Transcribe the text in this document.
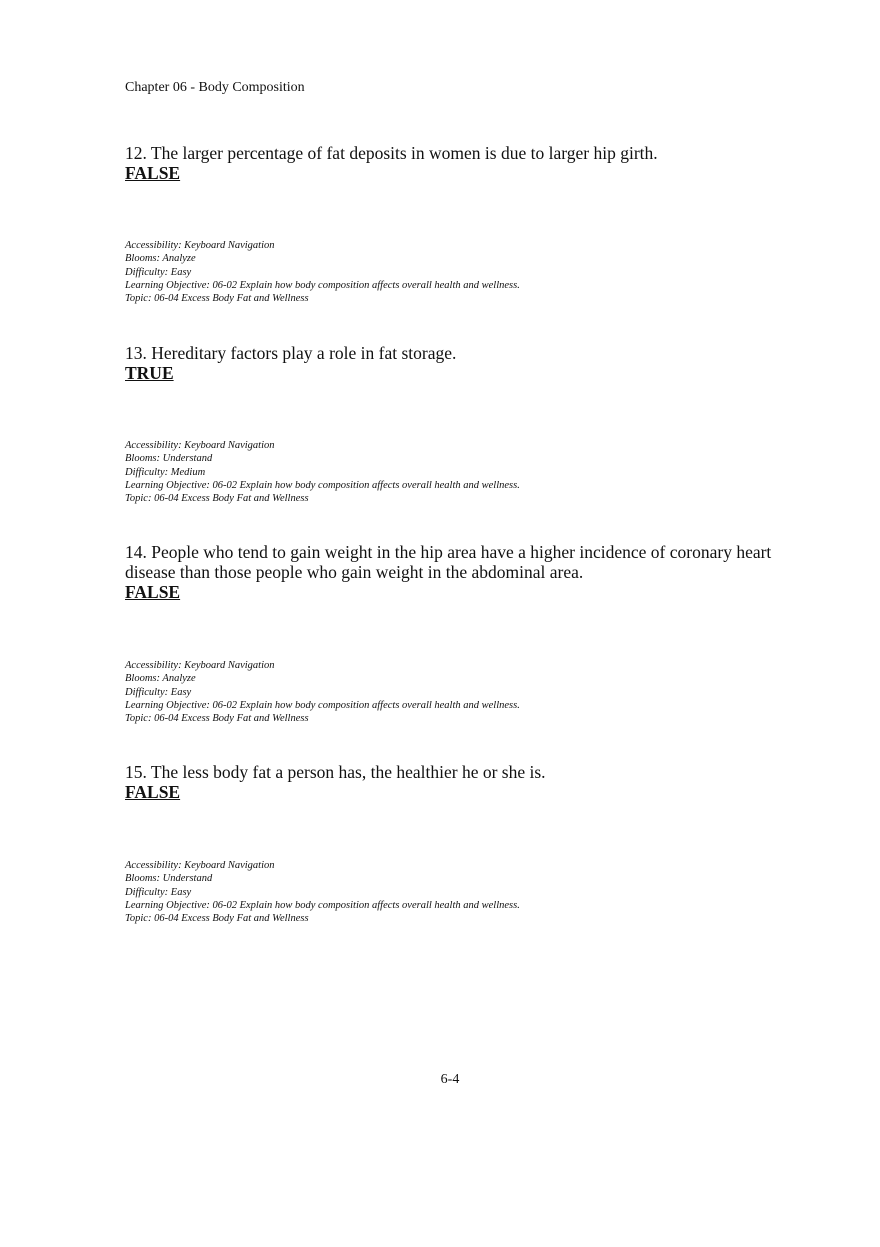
Chapter 06 - Body Composition

12. The larger percentage of fat deposits in women is due to larger hip girth.

FALSE

Accessibility: Keyboard Navigation
Blooms: Analyze
Difficulty: Easy
Learning Objective: 06-02 Explain how body composition affects overall health and wellness.
Topic: 06-04 Excess Body Fat and Wellness

13. Hereditary factors play a role in fat storage.

TRUE

Accessibility: Keyboard Navigation
Blooms: Understand
Difficulty: Medium
Learning Objective: 06-02 Explain how body composition affects overall health and wellness.
Topic: 06-04 Excess Body Fat and Wellness

14. People who tend to gain weight in the hip area have a higher incidence of coronary heart disease than those people who gain weight in the abdominal area.

FALSE

Accessibility: Keyboard Navigation
Blooms: Analyze
Difficulty: Easy
Learning Objective: 06-02 Explain how body composition affects overall health and wellness.
Topic: 06-04 Excess Body Fat and Wellness

15. The less body fat a person has, the healthier he or she is.

FALSE

Accessibility: Keyboard Navigation
Blooms: Understand
Difficulty: Easy
Learning Objective: 06-02 Explain how body composition affects overall health and wellness.
Topic: 06-04 Excess Body Fat and Wellness
6-4
